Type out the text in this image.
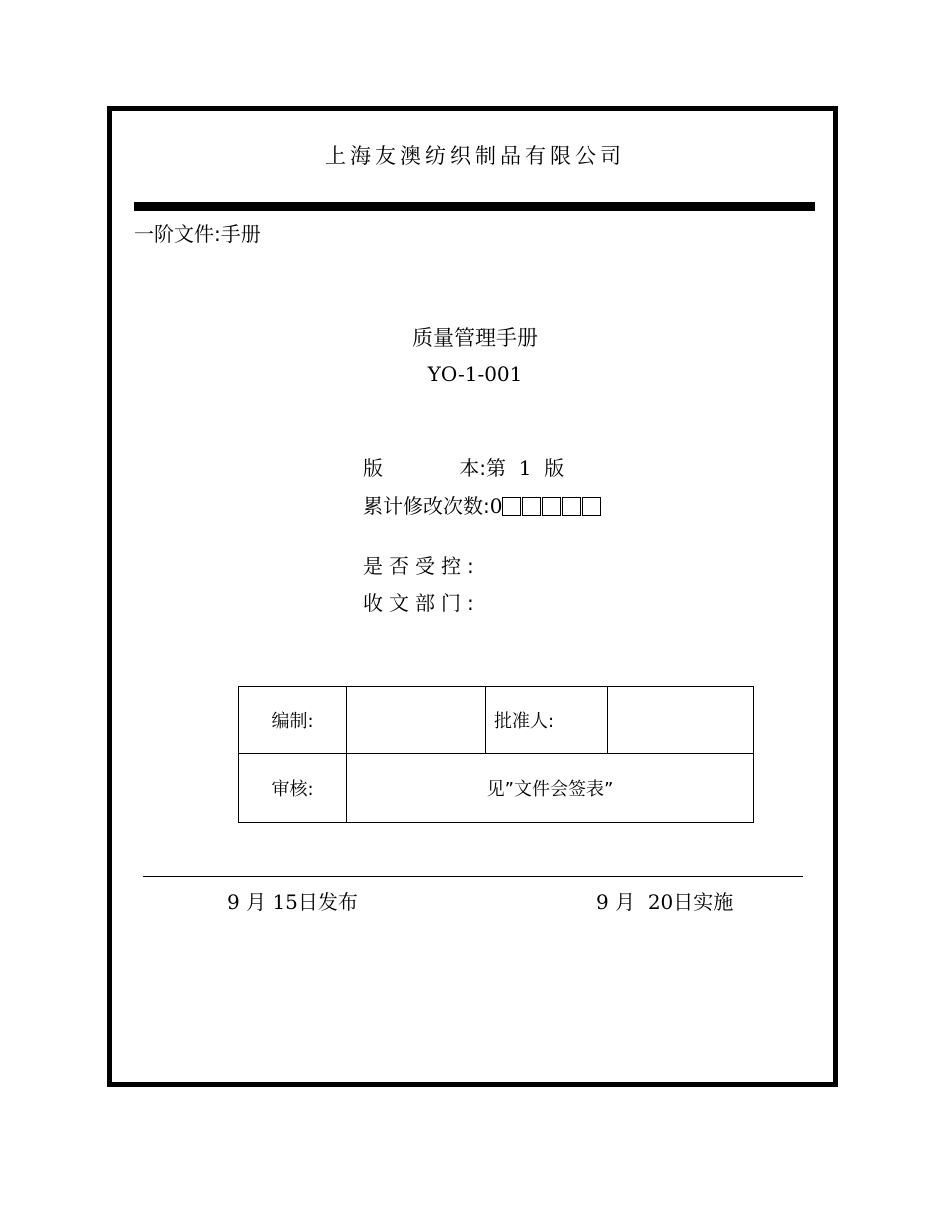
上海友澳纺织制品有限公司
一阶文件:手册
质量管理手册
YO-1-001
版	本:第 1 版
累计修改次数:0
是否受控:
收文部门:
编制:		批准人:	
审核:	见”文件会签表”		
9 月 15日发布	9 月 20日实施
